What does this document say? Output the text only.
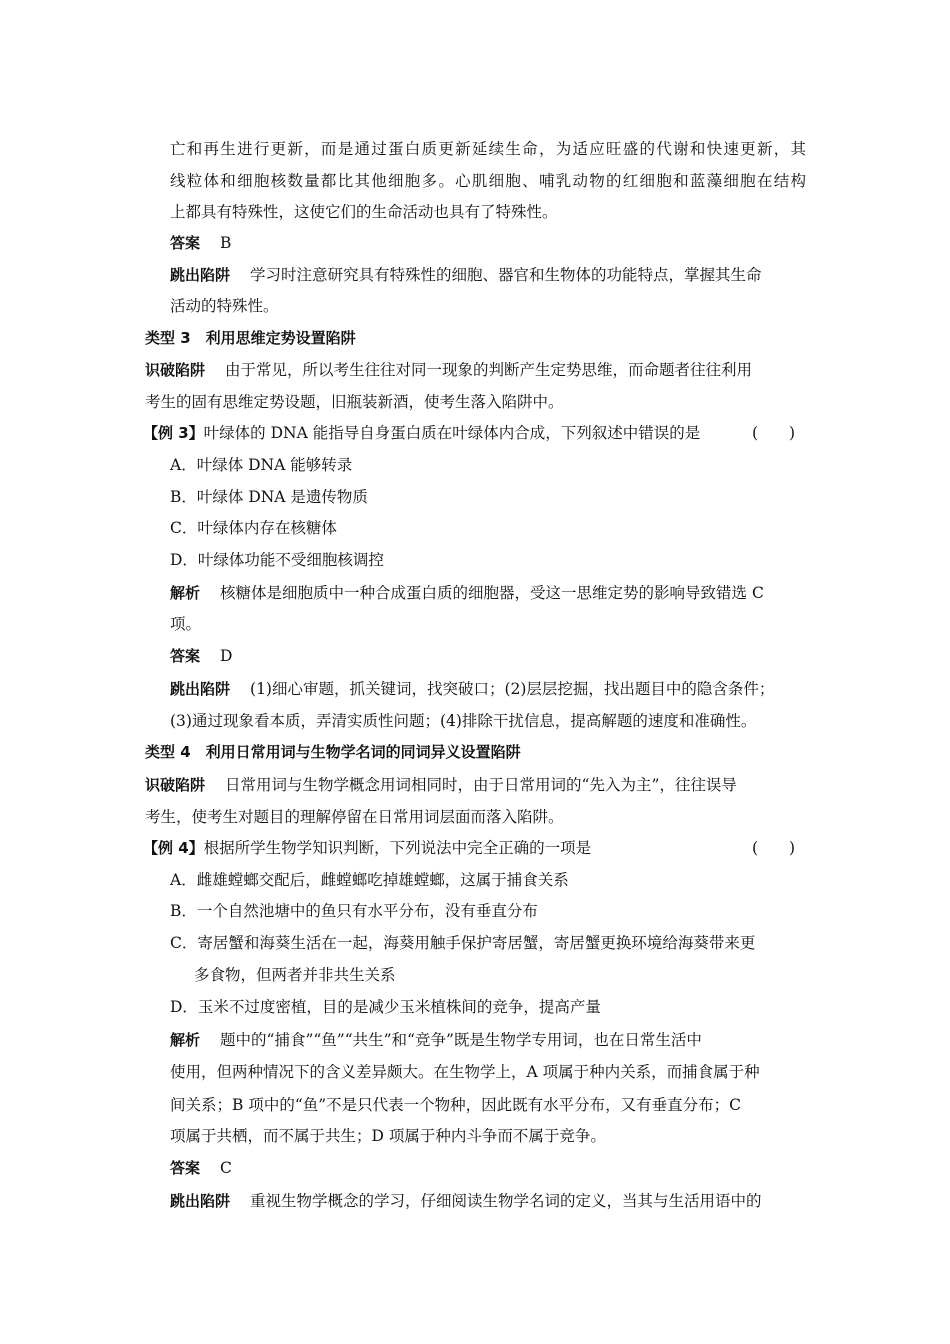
亡和再生进行更新，而是通过蛋白质更新延续生命，为适应旺盛的代谢和快速更新，其
线粒体和细胞核数量都比其他细胞多。心肌细胞、哺乳动物的红细胞和蓝藻细胞在结构
上都具有特殊性，这使它们的生命活动也具有了特殊性。
答案 B
跳出陷阱 学习时注意研究具有特殊性的细胞、器官和生物体的功能特点，掌握其生命
活动的特殊性。
类型 3　利用思维定势设置陷阱
识破陷阱 由于常见，所以考生往往对同一现象的判断产生定势思维，而命题者往往利用
考生的固有思维定势设题，旧瓶装新酒，使考生落入陷阱中。
【例 3】叶绿体的 DNA 能指导自身蛋白质在叶绿体内合成，下列叙述中错误的是	(　　)
A．叶绿体 DNA 能够转录
B．叶绿体 DNA 是遗传物质
C．叶绿体内存在核糖体
D．叶绿体功能不受细胞核调控
解析 核糖体是细胞质中一种合成蛋白质的细胞器，受这一思维定势的影响导致错选 C
项。
答案 D
跳出陷阱 (1)细心审题，抓关键词，找突破口；(2)层层挖掘，找出题目中的隐含条件；
(3)通过现象看本质，弄清实质性问题；(4)排除干扰信息，提高解题的速度和准确性。
类型 4　利用日常用词与生物学名词的同词异义设置陷阱
识破陷阱 日常用词与生物学概念用词相同时，由于日常用词的“先入为主”，往往误导
考生，使考生对题目的理解停留在日常用词层面而落入陷阱。
【例 4】根据所学生物学知识判断，下列说法中完全正确的一项是	(　　)
A．雌雄螳螂交配后，雌螳螂吃掉雄螳螂，这属于捕食关系
B．一个自然池塘中的鱼只有水平分布，没有垂直分布
C．寄居蟹和海葵生活在一起，海葵用触手保护寄居蟹，寄居蟹更换环境给海葵带来更
多食物，但两者并非共生关系
D．玉米不过度密植，目的是减少玉米植株间的竞争，提高产量
解析 题中的“捕食”“鱼”“共生”和“竞争”既是生物学专用词，也在日常生活中
使用，但两种情况下的含义差异颇大。在生物学上，A 项属于种内关系，而捕食属于种
间关系；B 项中的“鱼”不是只代表一个物种，因此既有水平分布，又有垂直分布；C
项属于共栖，而不属于共生；D 项属于种内斗争而不属于竞争。
答案 C
跳出陷阱 重视生物学概念的学习，仔细阅读生物学名词的定义，当其与生活用语中的
